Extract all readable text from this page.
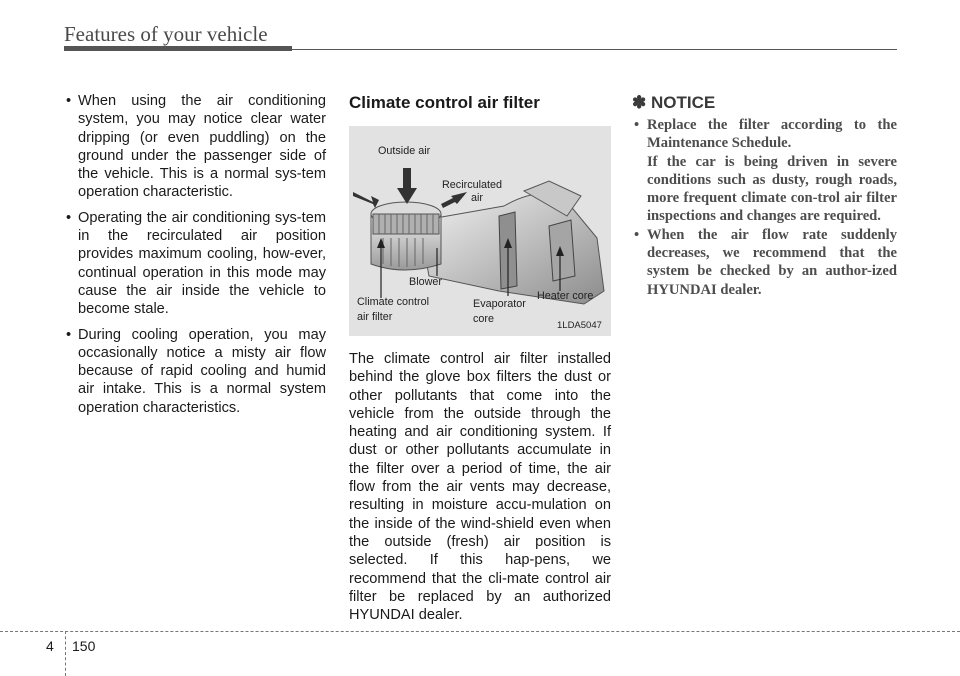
Features of your vehicle
• When using the air conditioning system, you may notice clear water dripping (or even puddling) on the ground under the passenger side of the vehicle. This is a normal sys-tem operation characteristic.
• Operating the air conditioning sys-tem in the recirculated air position provides maximum cooling, how-ever, continual operation in this mode may cause the air inside the vehicle to become stale.
• During cooling operation, you may occasionally notice a misty air flow because of rapid cooling and humid air intake. This is a normal system operation characteristics.
Climate control air filter
Outside air
Recirculated
air
Blower
Climate control
air filter
Evaporator
core
Heater core
1LDA5047
The climate control air filter installed behind the glove box filters the dust or other pollutants that come into the vehicle from the outside through the heating and air conditioning system. If dust or other pollutants accumulate in the filter over a period of time, the air flow from the air vents may decrease, resulting in moisture accu-mulation on the inside of the wind-shield even when the outside (fresh) air position is selected. If this hap-pens, we recommend that the cli-mate control air filter be replaced by an authorized HYUNDAI dealer.
✽ NOTICE
• Replace the filter according to the Maintenance Schedule.
If the car is being driven in severe conditions such as dusty, rough roads, more frequent climate con-trol air filter inspections and changes are required.
• When the air flow rate suddenly decreases, we recommend that the system be checked by an author-ized HYUNDAI dealer.
4 150
